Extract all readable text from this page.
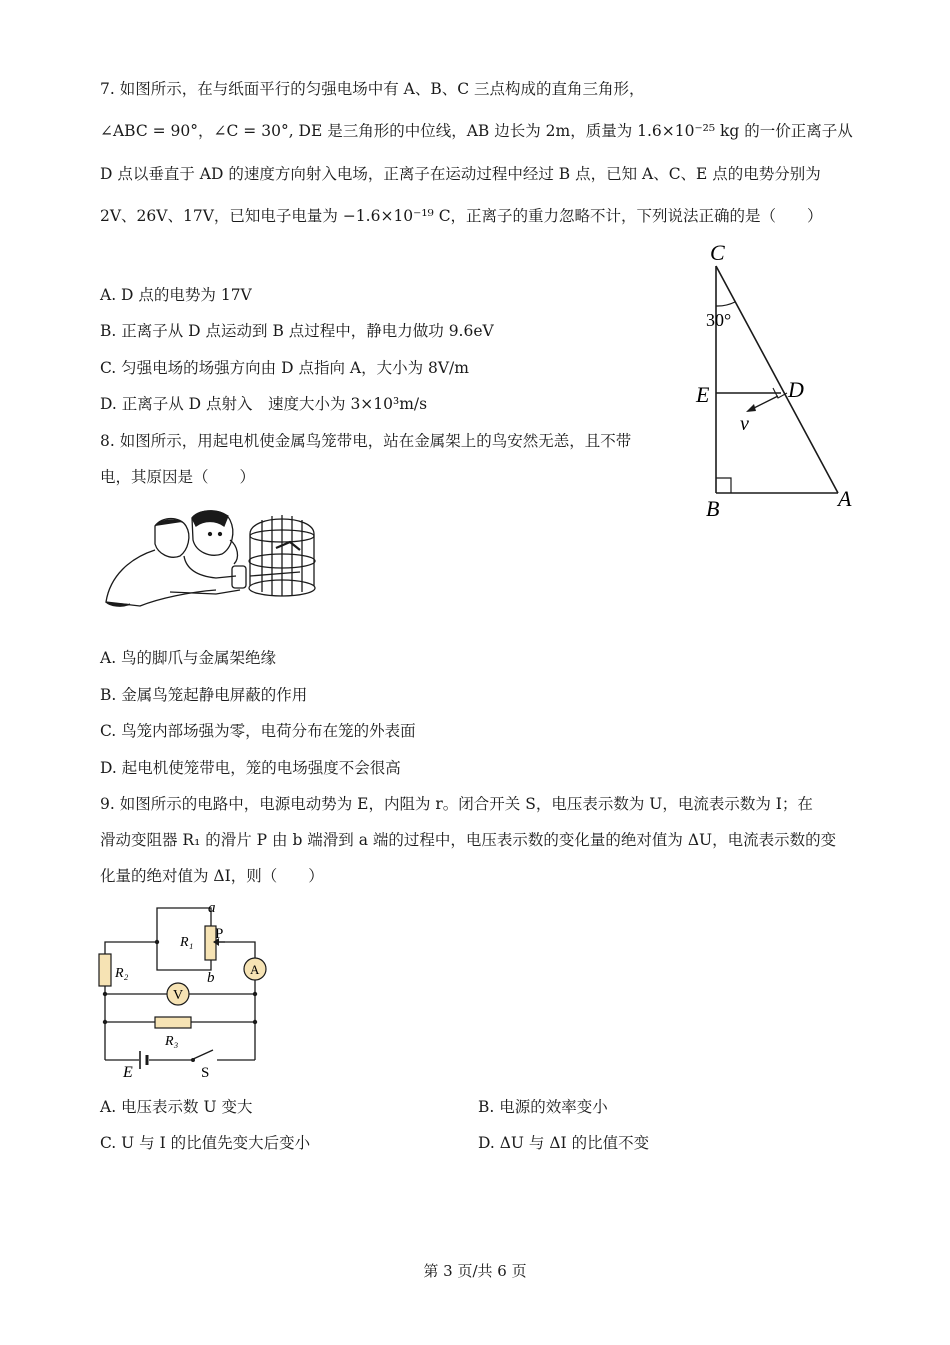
7. 如图所示，在与纸面平行的匀强电场中有 A、B、C 三点构成的直角三角形，
∠ABC = 90°，∠C = 30°, DE 是三角形的中位线，AB 边长为 2m，质量为 1.6×10⁻²⁵ kg 的一价正离子从
D 点以垂直于 AD 的速度方向射入电场，正离子在运动过程中经过 B 点，已知 A、C、E 点的电势分别为
2V、26V、17V，已知电子电量为 −1.6×10⁻¹⁹ C，正离子的重力忽略不计，下列说法正确的是（　　）
A. D 点的电势为 17V
B. 正离子从 D 点运动到 B 点过程中，静电力做功 9.6eV
C. 匀强电场的场强方向由 D 点指向 A，大小为 8V/m
D. 正离子从 D 点射入　速度大小为 3×10³m/s
C
30°
E	D
v
B	A
8. 如图所示，用起电机使金属鸟笼带电，站在金属架上的鸟安然无恙，且不带
电，其原因是（　　）
A. 鸟的脚爪与金属架绝缘
B. 金属鸟笼起静电屏蔽的作用
C. 鸟笼内部场强为零，电荷分布在笼的外表面
D. 起电机使笼带电，笼的电场强度不会很高
9. 如图所示的电路中，电源电动势为 E，内阻为 r。闭合开关 S，电压表示数为 U，电流表示数为 I；在
滑动变阻器 R₁ 的滑片 P 由 b 端滑到 a 端的过程中，电压表示数的变化量的绝对值为 ΔU，电流表示数的变
化量的绝对值为 ΔI，则（　　）
a
P
R₁
b
R₂
R₃
V
A
E	S
A. 电压表示数 U 变大	B. 电源的效率变小
C. U 与 I 的比值先变大后变小	D. ΔU 与 ΔI 的比值不变
第 3 页/共 6 页
